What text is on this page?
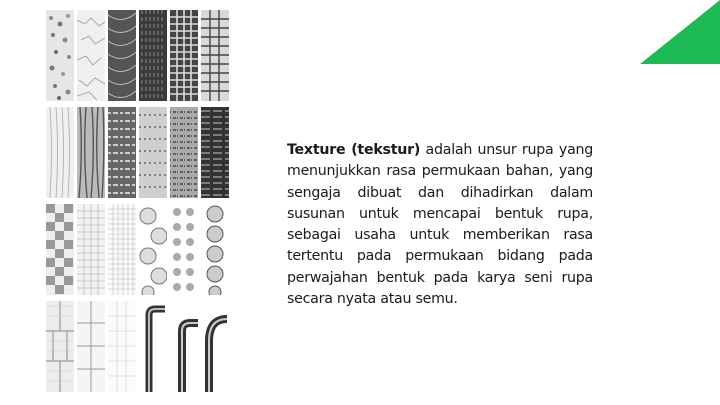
Texture (tekstur) adalah unsur rupa yang menunjukkan rasa permukaan bahan, yang sengaja dibuat dan dihadirkan dalam susunan untuk mencapai bentuk rupa, sebagai usaha untuk memberikan rasa tertentu pada permukaan bidang pada perwajahan bentuk pada karya seni rupa secara nyata atau semu.
